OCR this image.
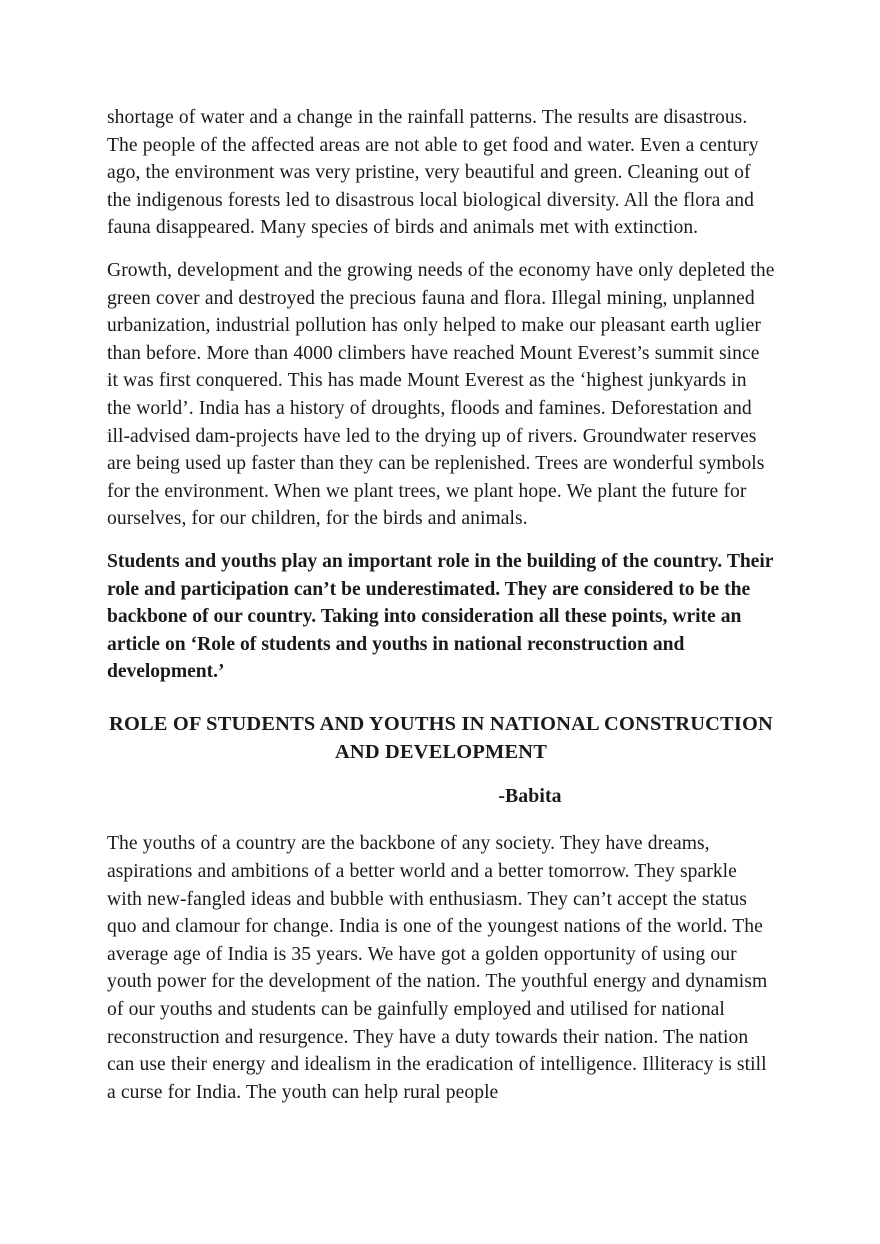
shortage of water and a change in the rainfall patterns. The results are disastrous. The people of the affected areas are not able to get food and water. Even a century ago, the environment was very pristine, very beautiful and green. Cleaning out of the indigenous forests led to disastrous local biological diversity. All the flora and fauna disappeared. Many species of birds and animals met with extinction.

Growth, development and the growing needs of the economy have only depleted the green cover and destroyed the precious fauna and flora. Illegal mining, unplanned urbanization, industrial pollution has only helped to make our pleasant earth uglier than before. More than 4000 climbers have reached Mount Everest’s summit since it was first conquered. This has made Mount Everest as the ‘highest junkyards in the world’. India has a history of droughts, floods and famines. Deforestation and ill-advised dam-projects have led to the drying up of rivers. Groundwater reserves are being used up faster than they can be replenished. Trees are wonderful symbols for the environment. When we plant trees, we plant hope. We plant the future for ourselves, for our children, for the birds and animals.

Students and youths play an important role in the building of the country. Their role and participation can’t be underestimated. They are considered to be the backbone of our country. Taking into consideration all these points, write an article on ‘Role of students and youths in national reconstruction and development.’

ROLE OF STUDENTS AND YOUTHS IN NATIONAL CONSTRUCTION AND DEVELOPMENT
-Babita

The youths of a country are the backbone of any society. They have dreams, aspirations and ambitions of a better world and a better tomorrow. They sparkle with new-fangled ideas and bubble with enthusiasm. They can’t accept the status quo and clamour for change. India is one of the youngest nations of the world. The average age of India is 35 years. We have got a golden opportunity of using our youth power for the development of the nation. The youthful energy and dynamism of our youths and students can be gainfully employed and utilised for national reconstruction and resurgence. They have a duty towards their nation. The nation can use their energy and idealism in the eradication of intelligence. Illiteracy is still a curse for India. The youth can help rural people
